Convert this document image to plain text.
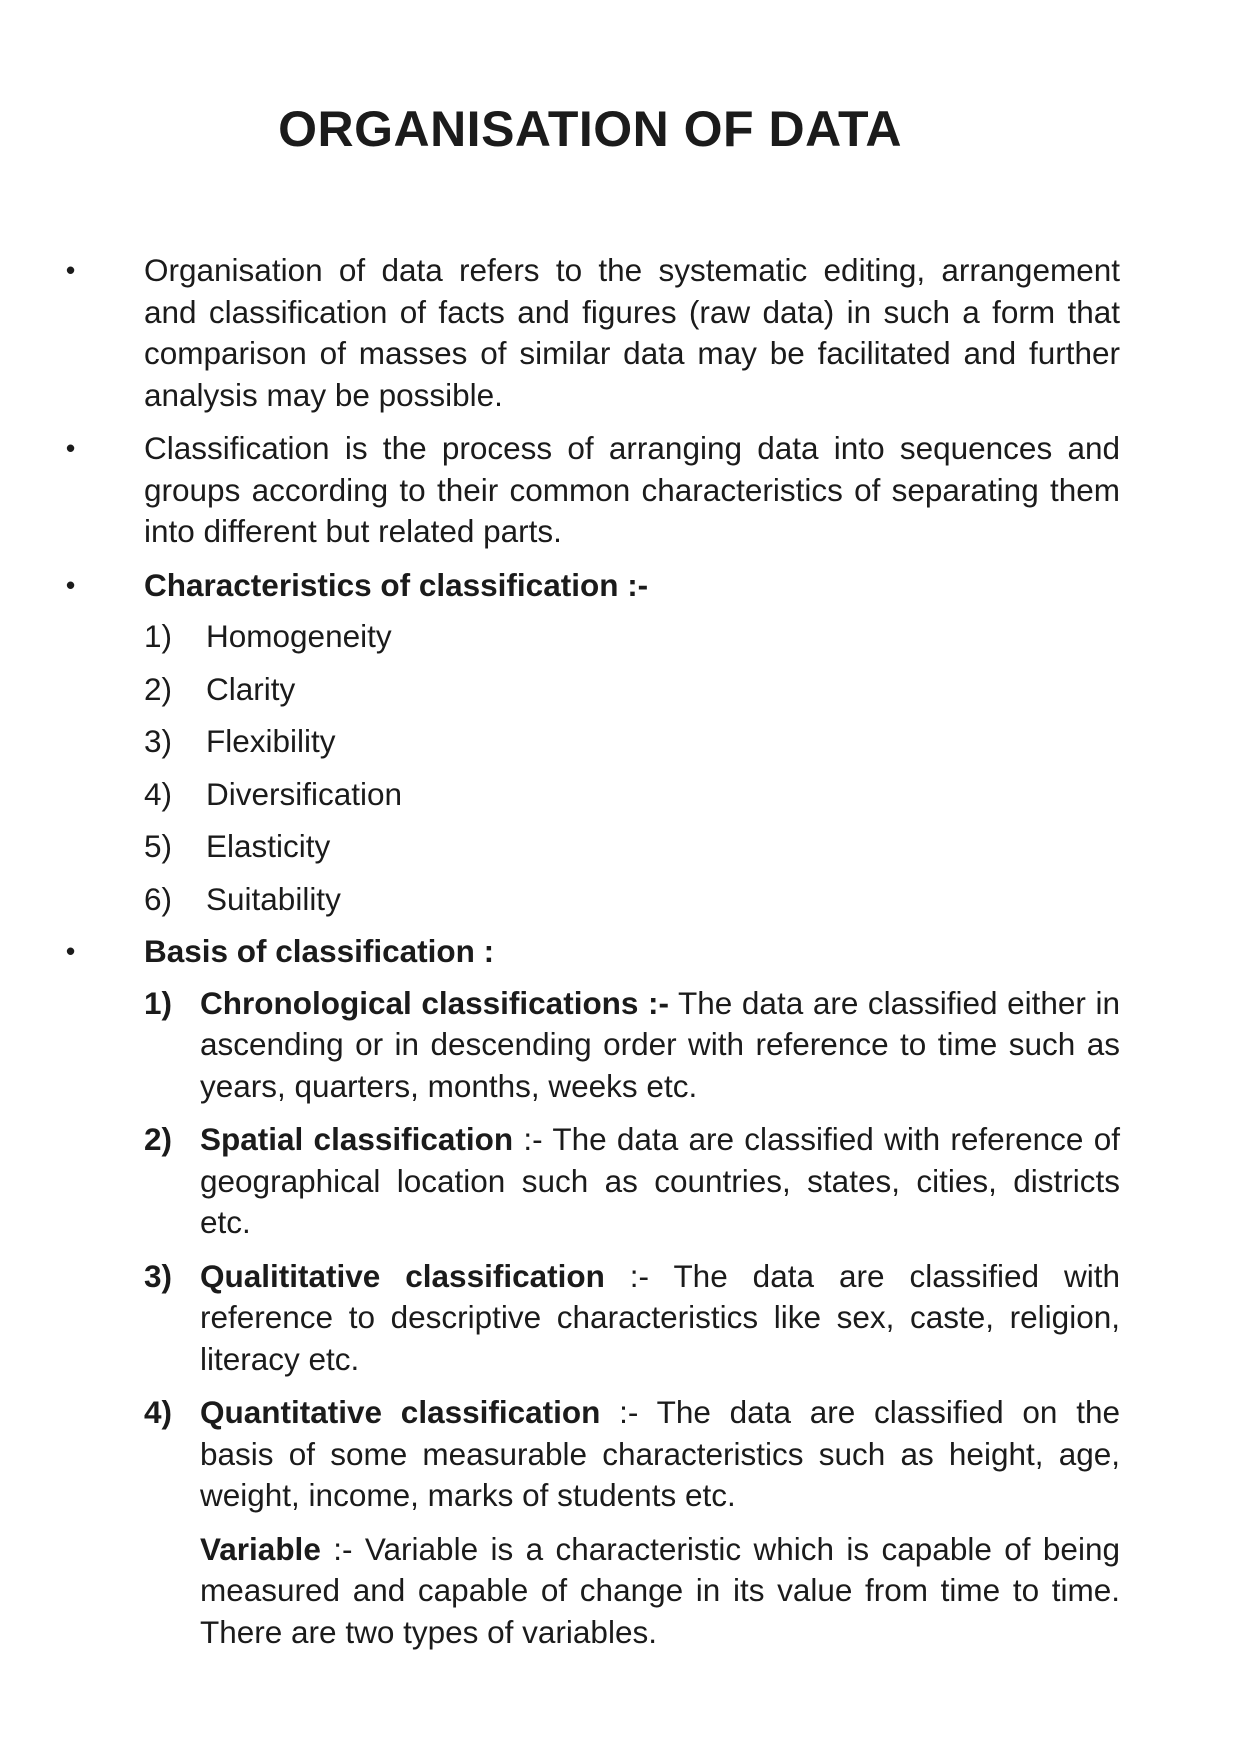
ORGANISATION OF DATA
• Organisation of data refers to the systematic editing, arrangement and classification of facts and figures (raw data) in such a form that comparison of masses of similar data may be facilitated and further analysis may be possible.
• Classification is the process of arranging data into sequences and groups according to their common characteristics of separating them into different but related parts.
• Characteristics of classification :-
1) Homogeneity
2) Clarity
3) Flexibility
4) Diversification
5) Elasticity
6) Suitability
• Basis of classification :
1) Chronological classifications :- The data are classified either in ascending or in descending order with reference to time such as years, quarters, months, weeks etc.
2) Spatial classification :- The data are classified with reference of geographical location such as countries, states, cities, districts etc.
3) Qualititative classification :- The data are classified with reference to descriptive characteristics like sex, caste, religion, literacy etc.
4) Quantitative classification :- The data are classified on the basis of some measurable characteristics such as height, age, weight, income, marks of students etc.
Variable :- Variable is a characteristic which is capable of being measured and capable of change in its value from time to time. There are two types of variables.
